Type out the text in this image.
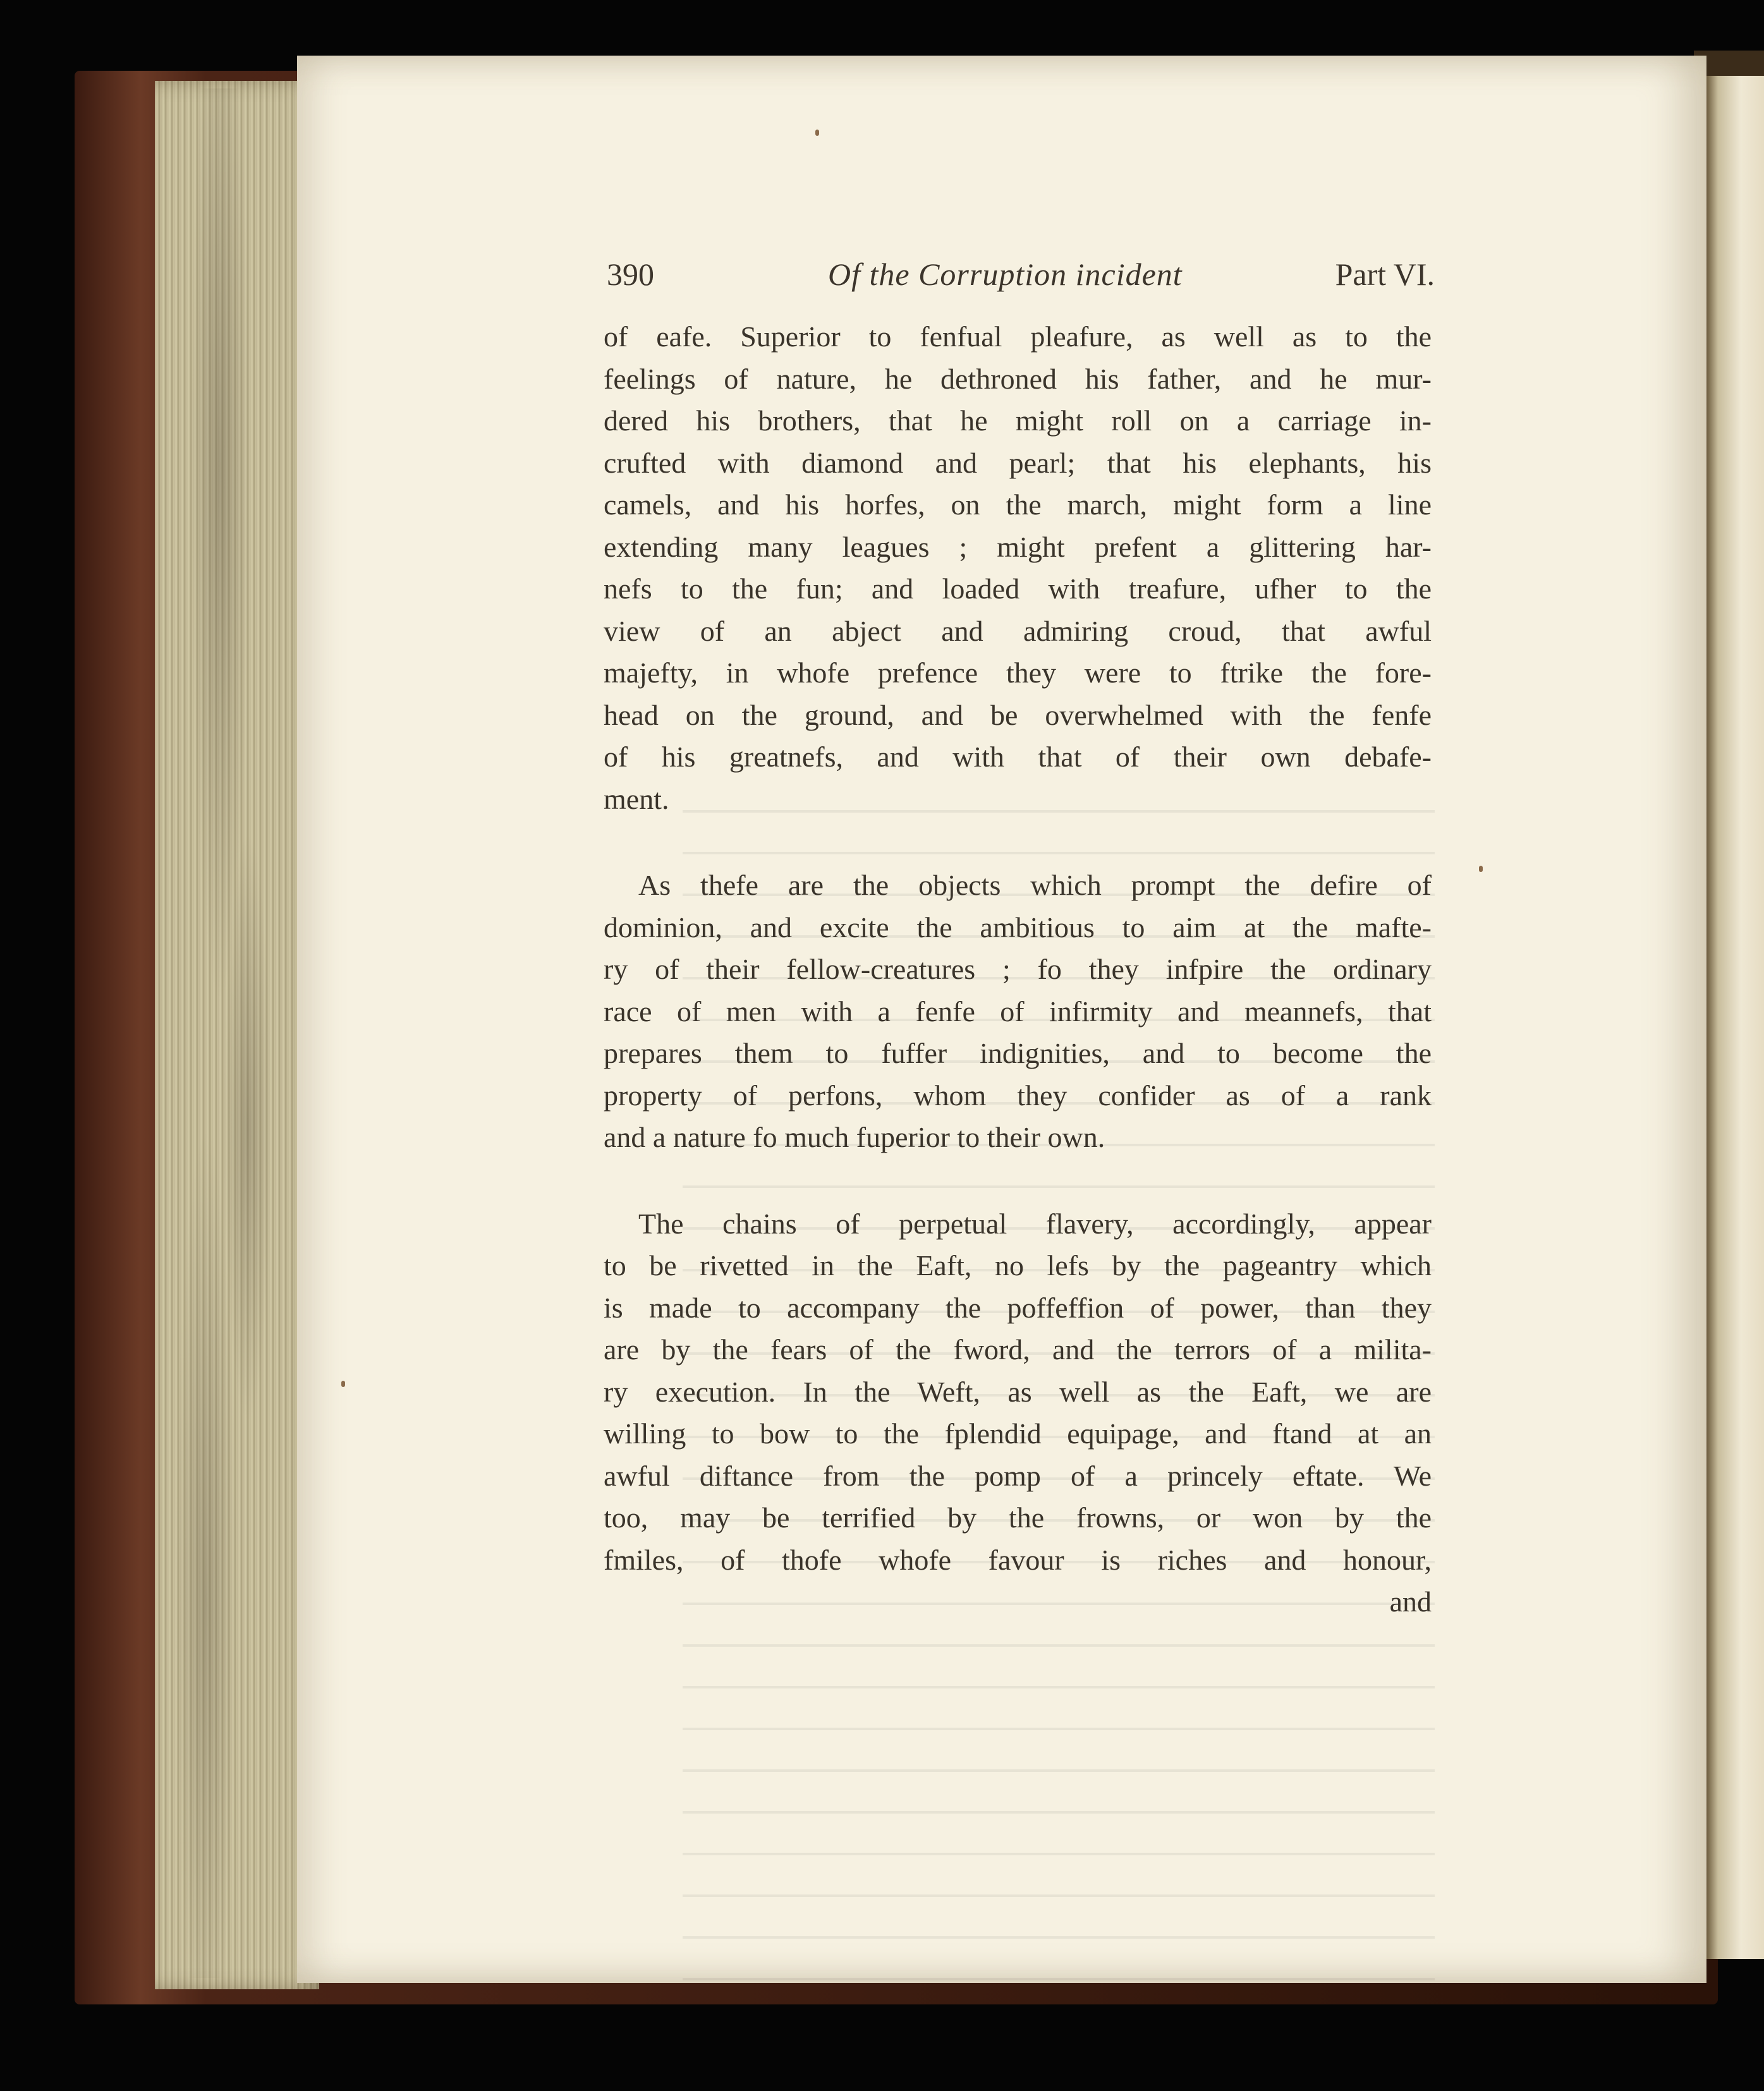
390	Of the Corruption incident	Part VI.
of eafe. Superior to fenfual pleafure, as well as to the
feelings of nature, he dethroned his father, and he mur-
dered his brothers, that he might roll on a carriage in-
crufted with diamond and pearl; that his elephants, his
camels, and his horfes, on the march, might form a line
extending many leagues ; might prefent a glittering har-
nefs to the fun; and loaded with treafure, ufher to the
view of an abject and admiring croud, that awful
majefty, in whofe prefence they were to ftrike the fore-
head on the ground, and be overwhelmed with the fenfe
of his greatnefs, and with that of their own debafe-
ment.
As thefe are the objects which prompt the defire of
dominion, and excite the ambitious to aim at the mafte-
ry of their fellow-creatures ; fo they infpire the ordinary
race of men with a fenfe of infirmity and meannefs, that
prepares them to fuffer indignities, and to become the
property of perfons, whom they confider as of a rank
and a nature fo much fuperior to their own.
The chains of perpetual flavery, accordingly, appear
to be rivetted in the Eaft, no lefs by the pageantry which
is made to accompany the poffeffion of power, than they
are by the fears of the fword, and the terrors of a milita-
ry execution. In the Weft, as well as the Eaft, we are
willing to bow to the fplendid equipage, and ftand at an
awful diftance from the pomp of a princely eftate. We
too, may be terrified by the frowns, or won by the
fmiles, of thofe whofe favour is riches and honour,
and
